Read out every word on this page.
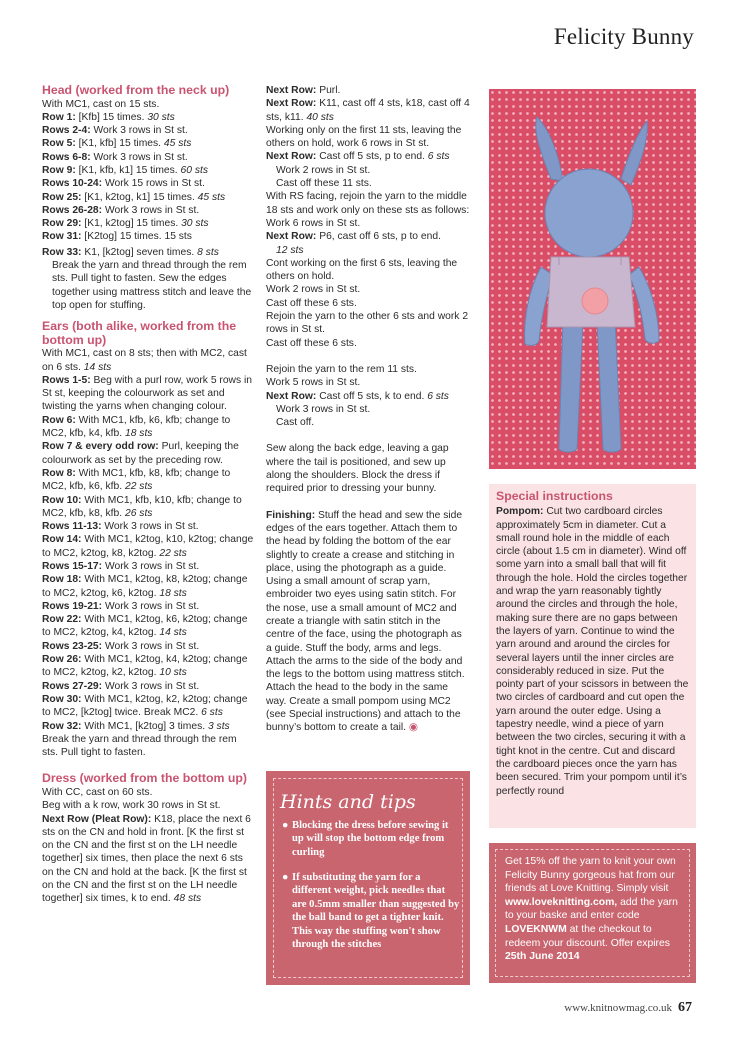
Felicity Bunny
Head (worked from the neck up)
With MC1, cast on 15 sts.
Row 1: [Kfb] 15 times. 30 sts
Rows 2-4: Work 3 rows in St st.
Row 5: [K1, kfb] 15 times. 45 sts
Rows 6-8: Work 3 rows in St st.
Row 9: [K1, kfb, k1] 15 times. 60 sts
Rows 10-24: Work 15 rows in St st.
Row 25: [K1, k2tog, k1] 15 times. 45 sts
Rows 26-28: Work 3 rows in St st.
Row 29: [K1, k2tog] 15 times. 30 sts
Row 31: [K2tog] 15 times. 15 sts
Row 33: K1, [k2tog] seven times. 8 sts
Break the yarn and thread through the rem sts. Pull tight to fasten. Sew the edges together using mattress stitch and leave the top open for stuffing.
Ears (both alike, worked from the bottom up)
With MC1, cast on 8 sts; then with MC2, cast on 6 sts. 14 sts
Rows 1-5: Beg with a purl row, work 5 rows in St st, keeping the colourwork as set and twisting the yarns when changing colour.
Row 6: With MC1, kfb, k6, kfb; change to MC2, kfb, k4, kfb. 18 sts
Row 7 & every odd row: Purl, keeping the colourwork as set by the preceding row.
Row 8: With MC1, kfb, k8, kfb; change to MC2, kfb, k6, kfb. 22 sts
Row 10: With MC1, kfb, k10, kfb; change to MC2, kfb, k8, kfb. 26 sts
Rows 11-13: Work 3 rows in St st.
Row 14: With MC1, k2tog, k10, k2tog; change to MC2, k2tog, k8, k2tog. 22 sts
Rows 15-17: Work 3 rows in St st.
Row 18: With MC1, k2tog, k8, k2tog; change to MC2, k2tog, k6, k2tog. 18 sts
Rows 19-21: Work 3 rows in St st.
Row 22: With MC1, k2tog, k6, k2tog; change to MC2, k2tog, k4, k2tog. 14 sts
Rows 23-25: Work 3 rows in St st.
Row 26: With MC1, k2tog, k4, k2tog; change to MC2, k2tog, k2, k2tog. 10 sts
Rows 27-29: Work 3 rows in St st.
Row 30: With MC1, k2tog, k2, k2tog; change to MC2, [k2tog] twice. Break MC2. 6 sts
Row 32: With MC1, [k2tog] 3 times. 3 sts
Break the yarn and thread through the rem sts. Pull tight to fasten.
Dress (worked from the bottom up)
With CC, cast on 60 sts.
Beg with a k row, work 30 rows in St st.
Next Row (Pleat Row): K18, place the next 6 sts on the CN and hold in front. [K the first st on the CN and the first st on the LH needle together] six times, then place the next 6 sts on the CN and hold at the back. [K the first st on the CN and the first st on the LH needle together] six times, k to end. 48 sts
Next Row: Purl.
Next Row: K11, cast off 4 sts, k18, cast off 4 sts, k11. 40 sts
Working only on the first 11 sts, leaving the others on hold, work 6 rows in St st.
Next Row: Cast off 5 sts, p to end. 6 sts
Work 2 rows in St st.
Cast off these 11 sts.
With RS facing, rejoin the yarn to the middle 18 sts and work only on these sts as follows:
Work 6 rows in St st.
Next Row: P6, cast off 6 sts, p to end.
12 sts
Cont working on the first 6 sts, leaving the others on hold.
Work 2 rows in St st.
Cast off these 6 sts.
Rejoin the yarn to the other 6 sts and work 2 rows in St st.
Cast off these 6 sts.
Rejoin the yarn to the rem 11 sts.
Work 5 rows in St st.
Next Row: Cast off 5 sts, k to end. 6 sts
Work 3 rows in St st.
Cast off.
Sew along the back edge, leaving a gap where the tail is positioned, and sew up along the shoulders. Block the dress if required prior to dressing your bunny.
Finishing: Stuff the head and sew the side edges of the ears together. Attach them to the head by folding the bottom of the ear slightly to create a crease and stitching in place, using the photograph as a guide. Using a small amount of scrap yarn, embroider two eyes using satin stitch. For the nose, use a small amount of MC2 and create a triangle with satin stitch in the centre of the face, using the photograph as a guide. Stuff the body, arms and legs. Attach the arms to the side of the body and the legs to the bottom using mattress stitch. Attach the head to the body in the same way. Create a small pompom using MC2 (see Special instructions) and attach to the bunny’s bottom to create a tail. ◉
Special instructions
Pompom: Cut two cardboard circles approximately 5cm in diameter. Cut a small round hole in the middle of each circle (about 1.5 cm in diameter). Wind off some yarn into a small ball that will fit through the hole. Hold the circles together and wrap the yarn reasonably tightly around the circles and through the hole, making sure there are no gaps between the layers of yarn. Continue to wind the yarn around and around the circles for several layers until the inner circles are considerably reduced in size. Put the pointy part of your scissors in between the two circles of cardboard and cut open the yarn around the outer edge. Using a tapestry needle, wind a piece of yarn between the two circles, securing it with a tight knot in the centre. Cut and discard the cardboard pieces once the yarn has been secured. Trim your pompom until it’s perfectly round
Hints and tips
● Blocking the dress before sewing it up will stop the bottom edge from curling
● If substituting the yarn for a different weight, pick needles that are 0.5mm smaller than suggested by the ball band to get a tighter knit. This way the stuffing won't show through the stitches
Get 15% off the yarn to knit your own Felicity Bunny gorgeous hat from our friends at Love Knitting. Simply visit www.loveknitting.com, add the yarn to your baske and enter code LOVEKNWM at the checkout to redeem your discount. Offer expires 25th June 2014
www.knitnowmag.co.uk 67
